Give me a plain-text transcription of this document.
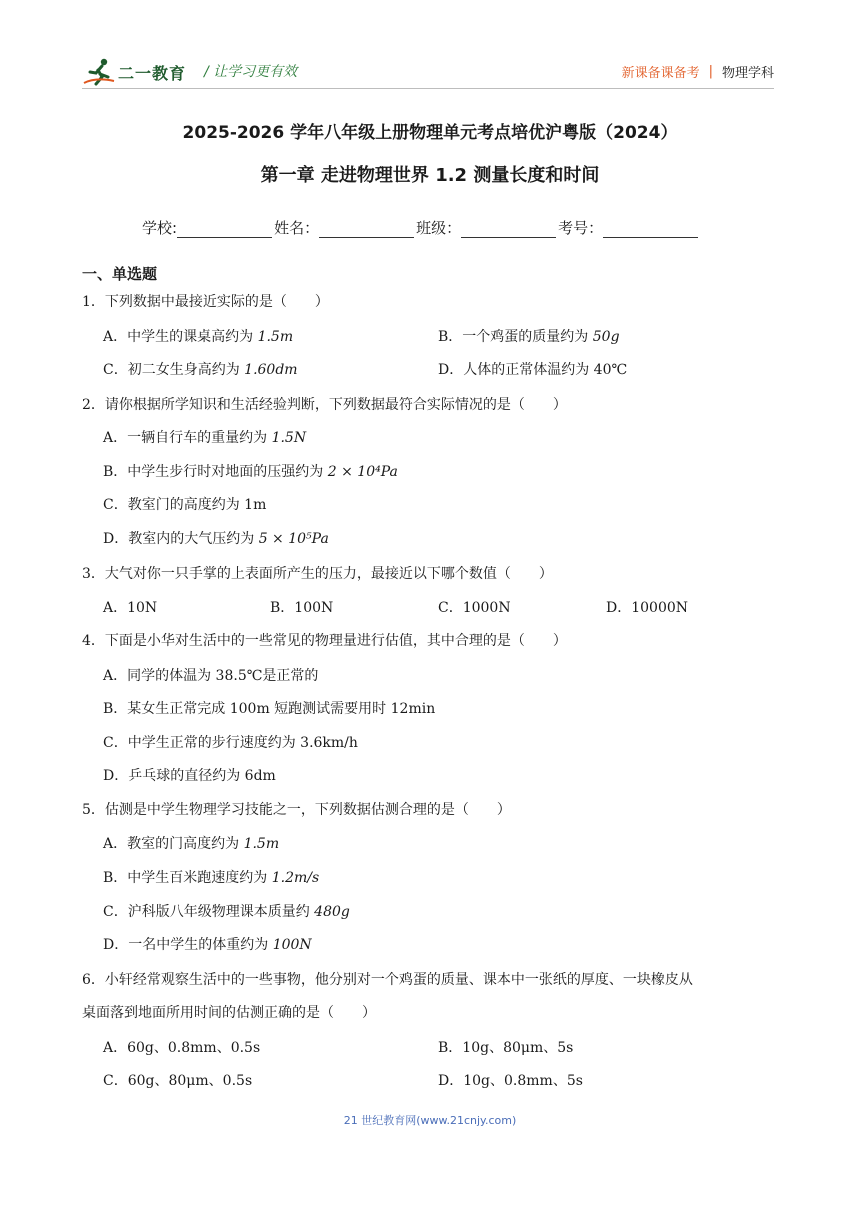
二一教育 / 让学习更有效	新课备课备考 | 物理学科
2025-2026 学年八年级上册物理单元考点培优沪粤版（2024）
第一章 走进物理世界 1.2 测量长度和时间
学校:	姓名：	班级：	考号：
一、单选题
1．下列数据中最接近实际的是（　　）
A．中学生的课桌高约为 1.5m	B．一个鸡蛋的质量约为 50g
C．初二女生身高约为 1.60dm	D．人体的正常体温约为 40℃
2．请你根据所学知识和生活经验判断，下列数据最符合实际情况的是（　　）
A．一辆自行车的重量约为 1.5N
B．中学生步行时对地面的压强约为 2 × 10⁴Pa
C．教室门的高度约为 1m
D．教室内的大气压约为 5 × 10⁵Pa
3．大气对你一只手掌的上表面所产生的压力，最接近以下哪个数值（　　）
A．10N	B．100N	C．1000N	D．10000N
4．下面是小华对生活中的一些常见的物理量进行估值，其中合理的是（　　）
A．同学的体温为 38.5℃是正常的
B．某女生正常完成 100m 短跑测试需要用时 12min
C．中学生正常的步行速度约为 3.6km/h
D．乒乓球的直径约为 6dm
5．估测是中学生物理学习技能之一，下列数据估测合理的是（　　）
A．教室的门高度约为 1.5m
B．中学生百米跑速度约为 1.2m/s
C．沪科版八年级物理课本质量约 480g
D．一名中学生的体重约为 100N
6．小轩经常观察生活中的一些事物，他分别对一个鸡蛋的质量、课本中一张纸的厚度、一块橡皮从
桌面落到地面所用时间的估测正确的是（　　）
A．60g、0.8mm、0.5s	B．10g、80μm、5s
C．60g、80μm、0.5s	D．10g、0.8mm、5s
21 世纪教育网(www.21cnjy.com)
